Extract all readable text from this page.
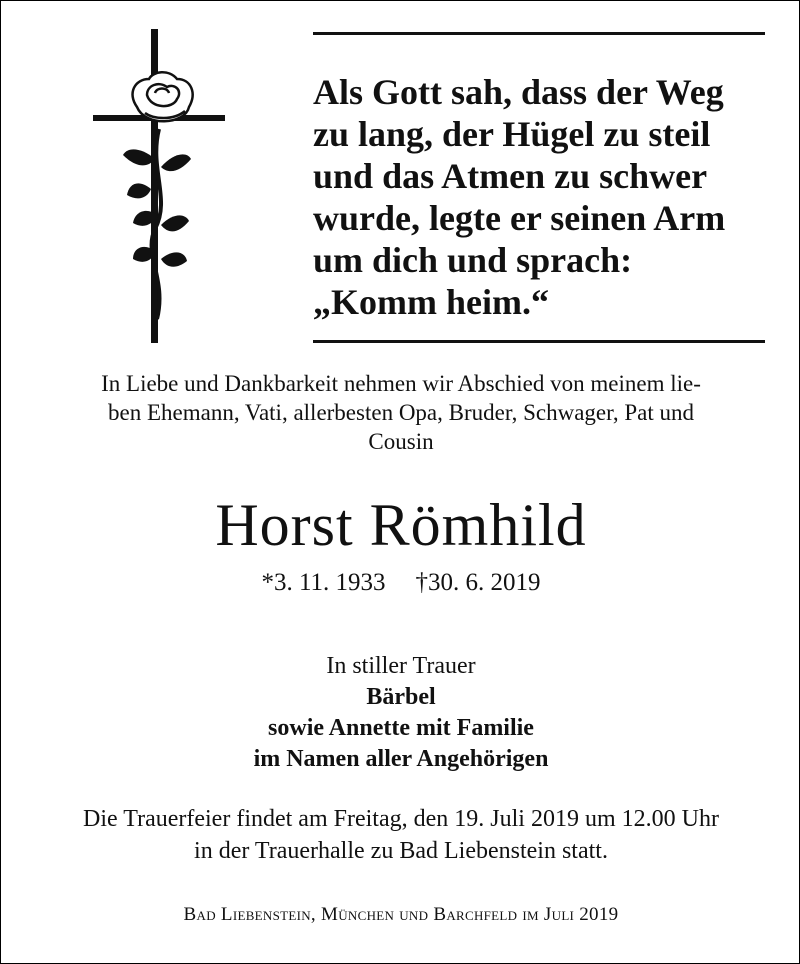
Als Gott sah, dass der Weg
zu lang, der Hügel zu steil
und das Atmen zu schwer
wurde, legte er seinen Arm
um dich und sprach:
„Komm heim.“
In Liebe und Dankbarkeit nehmen wir Abschied von meinem lie-
ben Ehemann, Vati, allerbesten Opa, Bruder, Schwager, Pat und
Cousin
Horst Römhild
*3. 11. 1933 †30. 6. 2019
In stiller Trauer
Bärbel
sowie Annette mit Familie
im Namen aller Angehörigen
Die Trauerfeier findet am Freitag, den 19. Juli 2019 um 12.00 Uhr
in der Trauerhalle zu Bad Liebenstein statt.
Bad Liebenstein, München und Barchfeld im Juli 2019
